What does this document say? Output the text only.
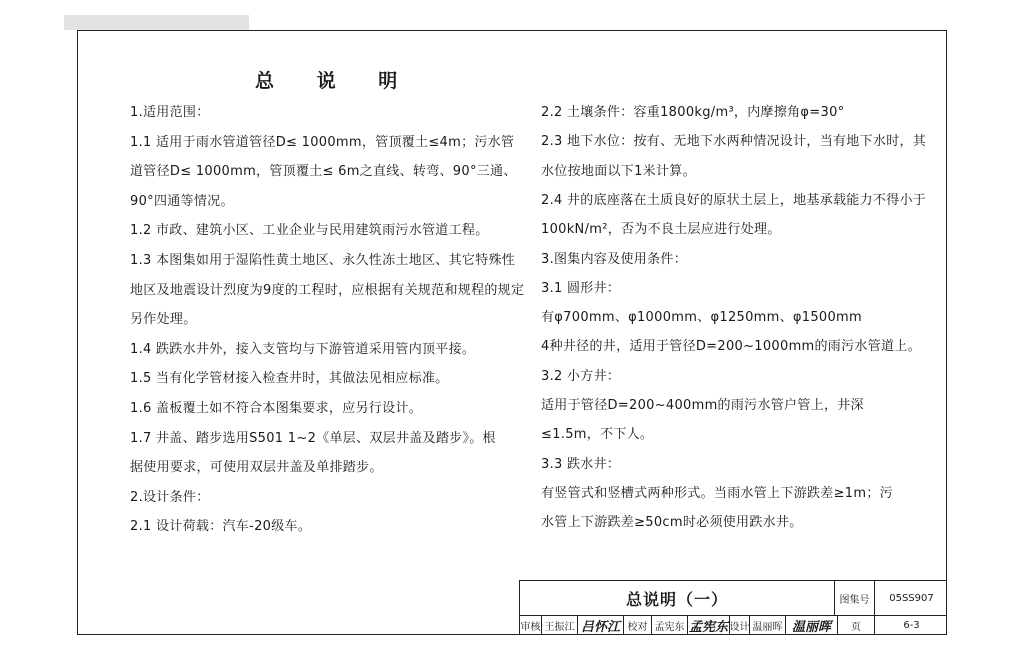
总 说 明
1.适用范围：
1.1 适用于雨水管道管径D≤ 1000mm，管顶覆土≤4m；污水管
道管径D≤ 1000mm，管顶覆土≤ 6m之直线、转弯、90°三通、
90°四通等情况。
1.2 市政、建筑小区、工业企业与民用建筑雨污水管道工程。
1.3 本图集如用于湿陷性黄土地区、永久性冻土地区、其它特殊性
地区及地震设计烈度为9度的工程时，应根据有关规范和规程的规定
另作处理。
1.4 跌跌水井外，接入支管均与下游管道采用管内顶平接。
1.5 当有化学管材接入检查井时，其做法见相应标准。
1.6 盖板覆土如不符合本图集要求，应另行设计。
1.7 井盖、踏步选用S501 1~2《单层、双层井盖及踏步》。根
据使用要求，可使用双层井盖及单排踏步。
2.设计条件：
2.1 设计荷载：汽车-20级车。
2.2 土壤条件：容重1800kg/m³，内摩擦角φ=30°
2.3 地下水位：按有、无地下水两种情况设计，当有地下水时，其
水位按地面以下1米计算。
2.4 井的底座落在土质良好的原状土层上，地基承载能力不得小于
100kN/m²，否为不良土层应进行处理。
3.图集内容及使用条件：
3.1 圆形井：
有φ700mm、φ1000mm、φ1250mm、φ1500mm
4种井径的井，适用于管径D=200~1000mm的雨污水管道上。
3.2 小方井：
适用于管径D=200~400mm的雨污水管户管上，井深
≤1.5m，不下人。
3.3 跌水井：
有竖管式和竖槽式两种形式。当雨水管上下游跌差≥1m；污
水管上下游跌差≥50cm时必须使用跌水井。
总说明（一）	图集号	05SS907
审核 王振江 吕怀江 校对 孟宪东 孟宪东 设计 温丽晖 温丽晖	页	6-3
